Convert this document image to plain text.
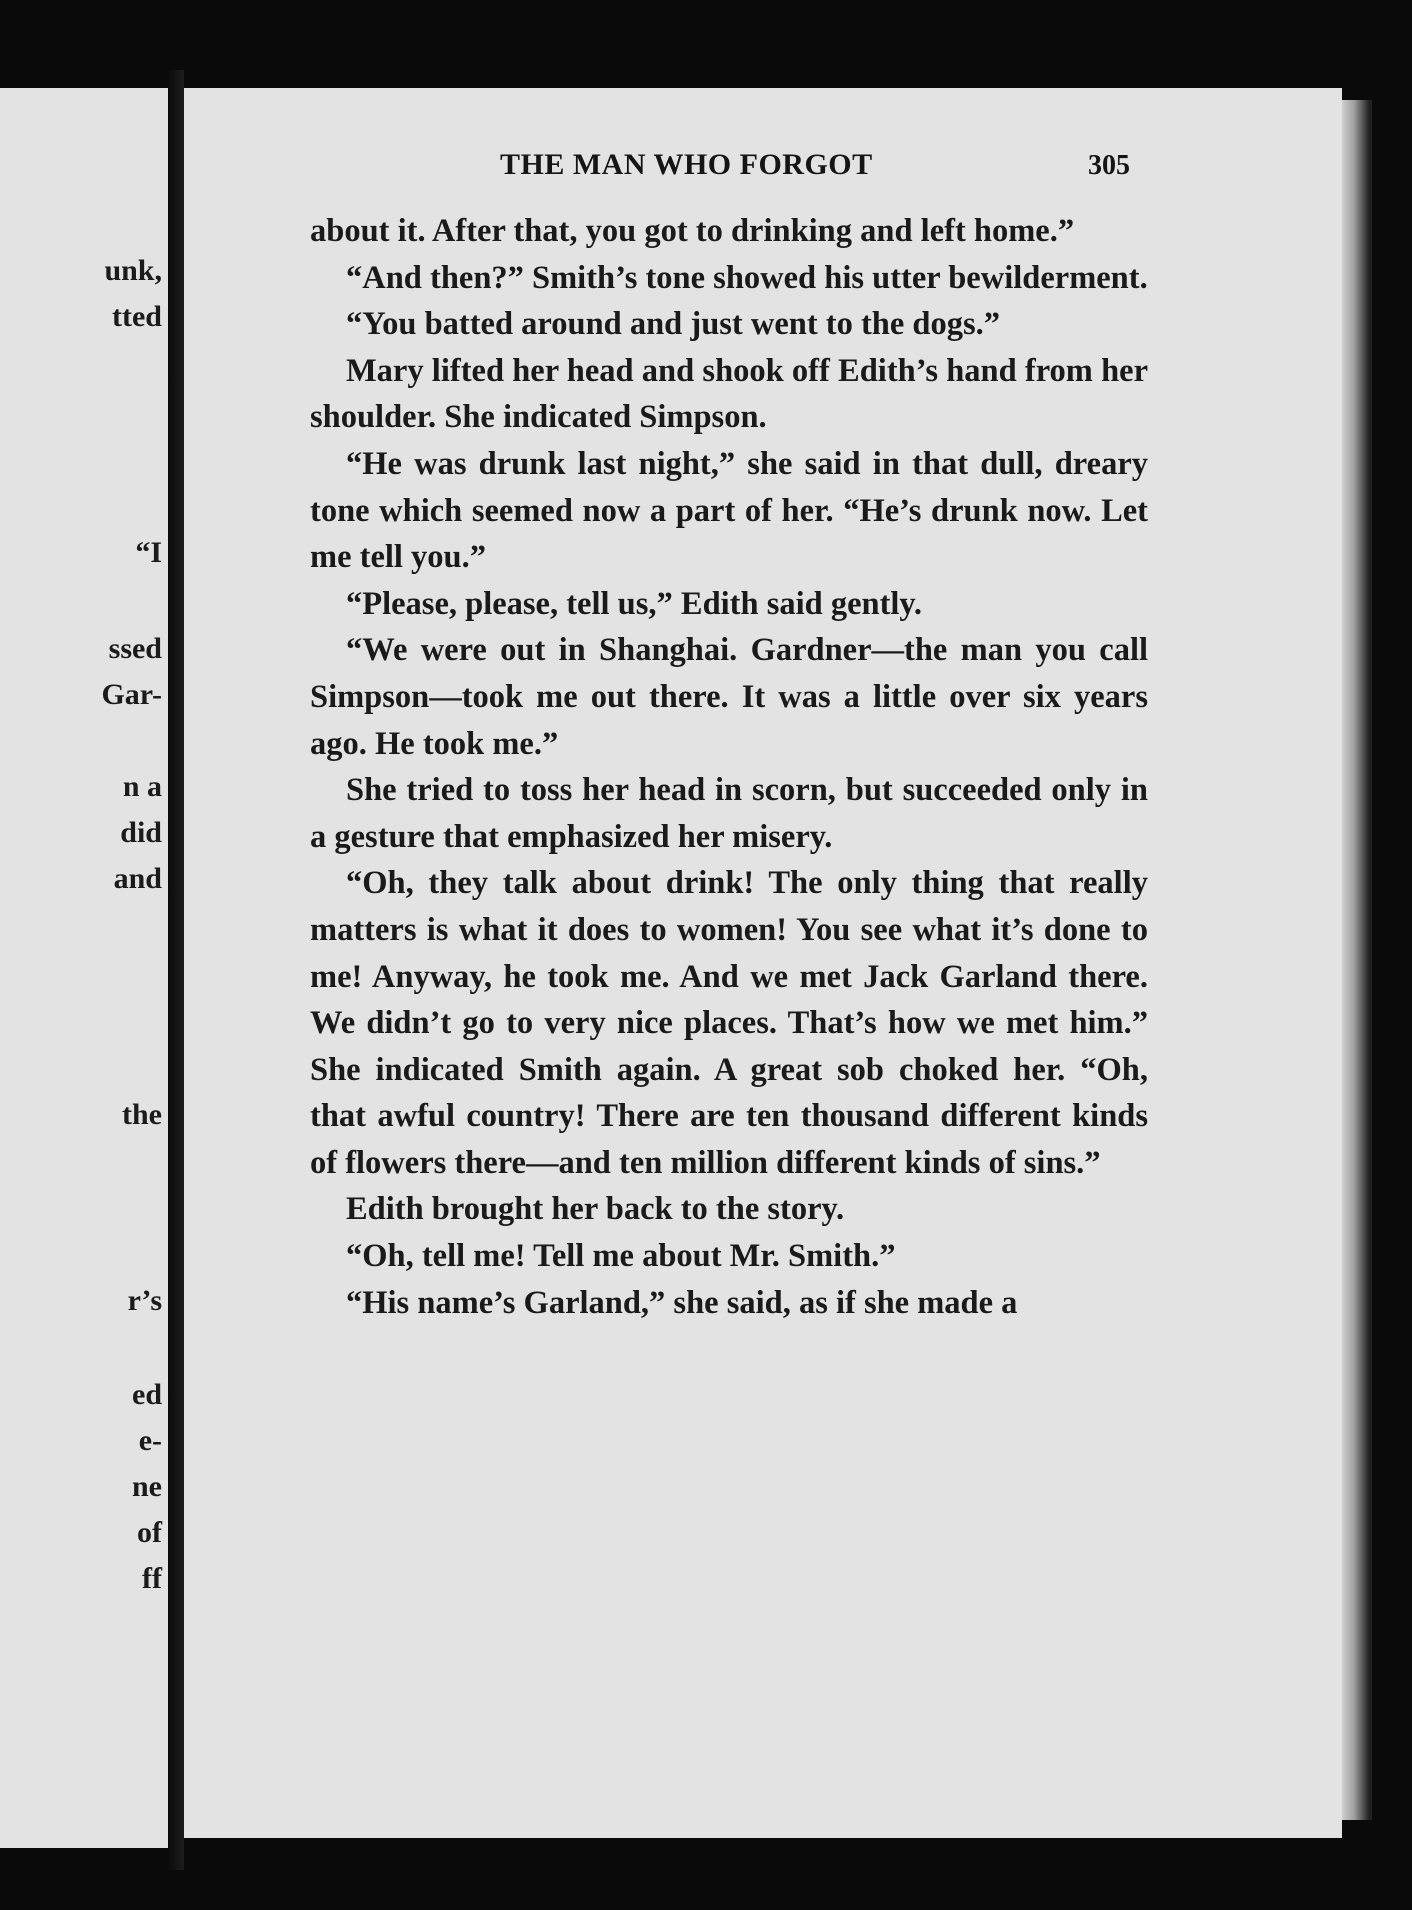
unk,
tted
“I
ssed
Gar-
n a
did
and
the
r’s
ed
e-
ne
of
ff
THE MAN WHO FORGOT	305

about it. After that, you got to drinking and left home.”

“And then?” Smith’s tone showed his utter bewilderment.

“You batted around and just went to the dogs.”

Mary lifted her head and shook off Edith’s hand from her shoulder. She indicated Simpson.

“He was drunk last night,” she said in that dull, dreary tone which seemed now a part of her. “He’s drunk now. Let me tell you.”

“Please, please, tell us,” Edith said gently.

“We were out in Shanghai. Gardner—the man you call Simpson—took me out there. It was a little over six years ago. He took me.”

She tried to toss her head in scorn, but succeeded only in a gesture that emphasized her misery.

“Oh, they talk about drink! The only thing that really matters is what it does to women! You see what it’s done to me! Anyway, he took me. And we met Jack Garland there. We didn’t go to very nice places. That’s how we met him.” She indicated Smith again. A great sob choked her. “Oh, that awful country! There are ten thousand different kinds of flowers there—and ten million different kinds of sins.”

Edith brought her back to the story.

“Oh, tell me! Tell me about Mr. Smith.”

“His name’s Garland,” she said, as if she made a
